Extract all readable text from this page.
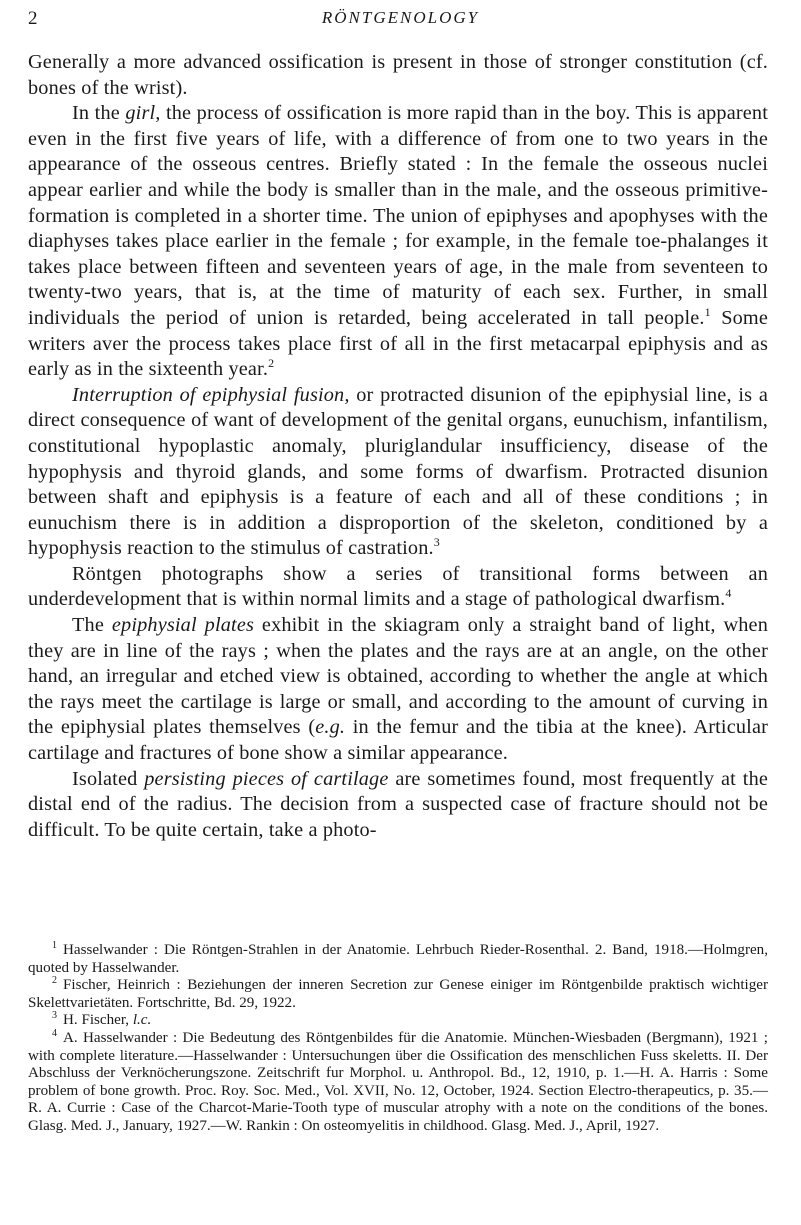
2	RÖNTGENOLOGY

Generally a more advanced ossification is present in those of stronger constitution (cf. bones of the wrist).

In the girl, the process of ossification is more rapid than in the boy. This is apparent even in the first five years of life, with a difference of from one to two years in the appearance of the osseous centres. Briefly stated : In the female the osseous nuclei appear earlier and while the body is smaller than in the male, and the osseous primitive-formation is completed in a shorter time. The union of epiphyses and apophyses with the diaphyses takes place earlier in the female ; for example, in the female toe-phalanges it takes place between fifteen and seventeen years of age, in the male from seventeen to twenty-two years, that is, at the time of maturity of each sex. Further, in small individuals the period of union is retarded, being accelerated in tall people.$^1$ Some writers aver the process takes place first of all in the first metacarpal epiphysis and as early as in the sixteenth year.$^2$

Interruption of epiphysial fusion, or protracted disunion of the epiphysial line, is a direct consequence of want of development of the genital organs, eunuchism, infantilism, constitutional hypoplastic anomaly, pluriglandular insufficiency, disease of the hypophysis and thyroid glands, and some forms of dwarfism. Protracted disunion between shaft and epiphysis is a feature of each and all of these conditions ; in eunuchism there is in addition a disproportion of the skeleton, conditioned by a hypophysis reaction to the stimulus of castration.$^3$

Röntgen photographs show a series of transitional forms between an underdevelopment that is within normal limits and a stage of pathological dwarfism.$^4$

The epiphysial plates exhibit in the skiagram only a straight band of light, when they are in line of the rays ; when the plates and the rays are at an angle, on the other hand, an irregular and etched view is obtained, according to whether the angle at which the rays meet the cartilage is large or small, and according to the amount of curving in the epiphysial plates themselves (e.g. in the femur and the tibia at the knee). Articular cartilage and fractures of bone show a similar appearance.

Isolated persisting pieces of cartilage are sometimes found, most frequently at the distal end of the radius. The decision from a suspected case of fracture should not be difficult. To be quite certain, take a photo-

$^1$ Hasselwander : Die Röntgen-Strahlen in der Anatomie. Lehrbuch Rieder-Rosenthal. 2. Band, 1918.—Holmgren, quoted by Hasselwander.

$^2$ Fischer, Heinrich : Beziehungen der inneren Secretion zur Genese einiger im Röntgenbilde praktisch wichtiger Skelettvarietäten. Fortschritte, Bd. 29, 1922.

$^3$ H. Fischer, l.c.

$^4$ A. Hasselwander : Die Bedeutung des Röntgenbildes für die Anatomie. München-Wiesbaden (Bergmann), 1921 ; with complete literature.—Hasselwander : Untersuchungen über die Ossification des menschlichen Fuss skeletts. II. Der Abschluss der Verknöcherungszone. Zeitschrift fur Morphol. u. Anthropol. Bd., 12, 1910, p. 1.—H. A. Harris : Some problem of bone growth. Proc. Roy. Soc. Med., Vol. XVII, No. 12, October, 1924. Section Electro-therapeutics, p. 35.—R. A. Currie : Case of the Charcot-Marie-Tooth type of muscular atrophy with a note on the conditions of the bones. Glasg. Med. J., January, 1927.—W. Rankin : On osteomyelitis in childhood. Glasg. Med. J., April, 1927.
